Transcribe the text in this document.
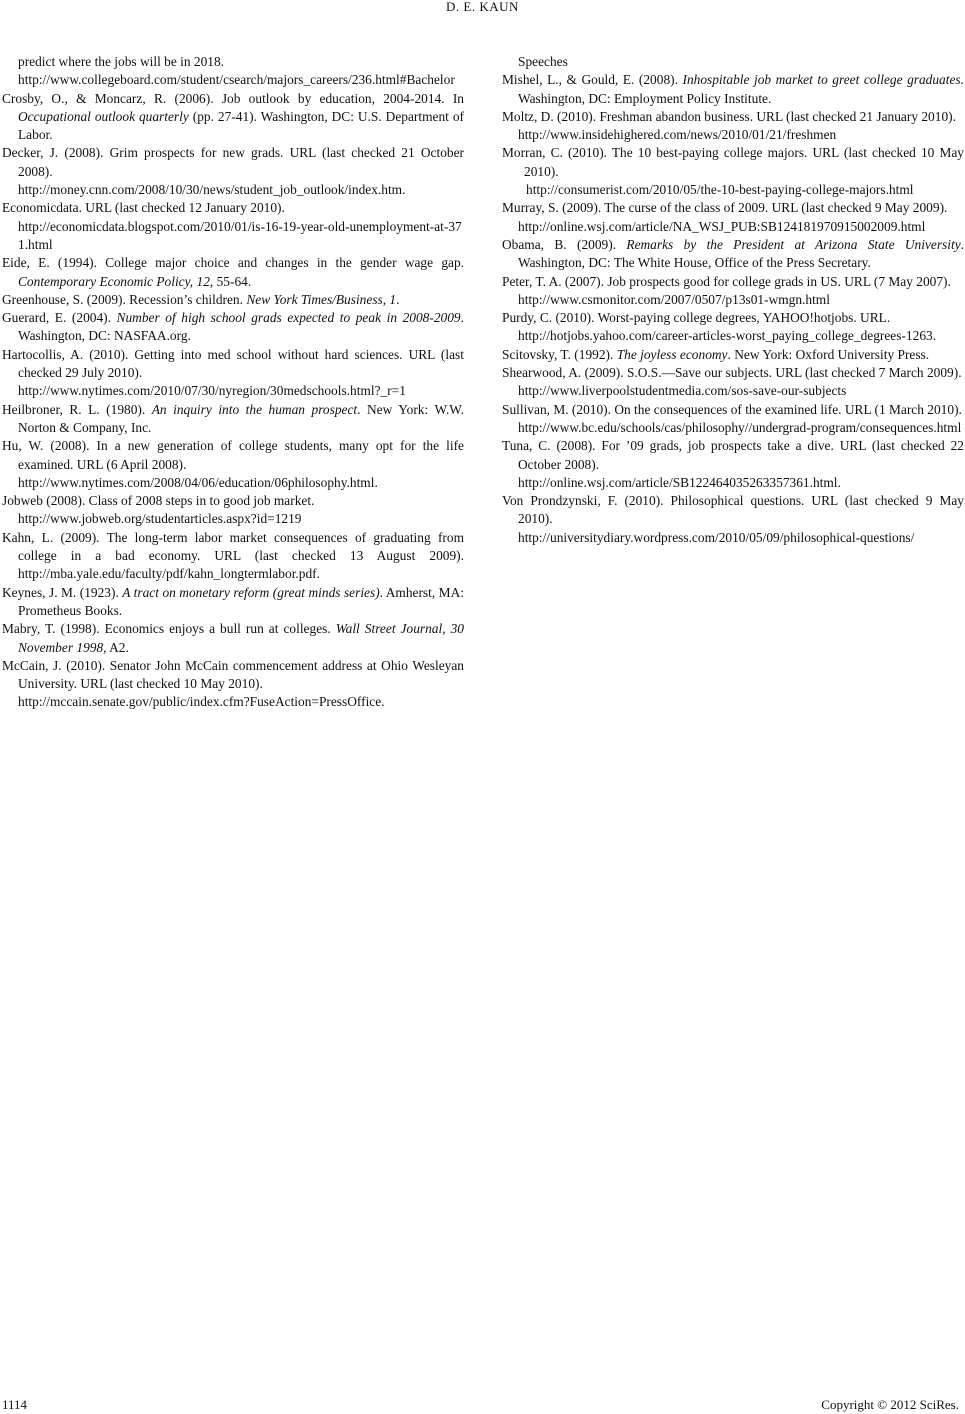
D. E. KAUN

predict where the jobs will be in 2018.

http://www.collegeboard.com/student/csearch/majors_careers/236.html#Bachelor

Crosby, O., & Moncarz, R. (2006). Job outlook by education, 2004-2014. In Occupational outlook quarterly (pp. 27-41). Washington, DC: U.S. Department of Labor.

Decker, J. (2008). Grim prospects for new grads. URL (last checked 21 October 2008).

http://money.cnn.com/2008/10/30/news/student_job_outlook/index.htm.

Economicdata. URL (last checked 12 January 2010).

http://economicdata.blogspot.com/2010/01/is-16-19-year-old-unemployment-at-371.html

Eide, E. (1994). College major choice and changes in the gender wage gap. Contemporary Economic Policy, 12, 55-64.

Greenhouse, S. (2009). Recession’s children. New York Times/Business, 1.

Guerard, E. (2004). Number of high school grads expected to peak in 2008-2009. Washington, DC: NASFAA.org.

Hartocollis, A. (2010). Getting into med school without hard sciences. URL (last checked 29 July 2010).

http://www.nytimes.com/2010/07/30/nyregion/30medschools.html?_r=1

Heilbroner, R. L. (1980). An inquiry into the human prospect. New York: W.W. Norton & Company, Inc.

Hu, W. (2008). In a new generation of college students, many opt for the life examined. URL (6 April 2008).

http://www.nytimes.com/2008/04/06/education/06philosophy.html.

Jobweb (2008). Class of 2008 steps in to good job market.

http://www.jobweb.org/studentarticles.aspx?id=1219

Kahn, L. (2009). The long-term labor market consequences of graduating from college in a bad economy. URL (last checked 13 August 2009). http://mba.yale.edu/faculty/pdf/kahn_longtermlabor.pdf.

Keynes, J. M. (1923). A tract on monetary reform (great minds series). Amherst, MA: Prometheus Books.

Mabry, T. (1998). Economics enjoys a bull run at colleges. Wall Street Journal, 30 November 1998, A2.

McCain, J. (2010). Senator John McCain commencement address at Ohio Wesleyan University. URL (last checked 10 May 2010).

http://mccain.senate.gov/public/index.cfm?FuseAction=PressOffice.

Speeches

Mishel, L., & Gould, E. (2008). Inhospitable job market to greet college graduates. Washington, DC: Employment Policy Institute.

Moltz, D. (2010). Freshman abandon business. URL (last checked 21 January 2010).

http://www.insidehighered.com/news/2010/01/21/freshmen

Morran, C. (2010). The 10 best-paying college majors. URL (last checked 10 May 2010).

http://consumerist.com/2010/05/the-10-best-paying-college-majors.html

Murray, S. (2009). The curse of the class of 2009. URL (last checked 9 May 2009).

http://online.wsj.com/article/NA_WSJ_PUB:SB124181970915002009.html

Obama, B. (2009). Remarks by the President at Arizona State University. Washington, DC: The White House, Office of the Press Secretary.

Peter, T. A. (2007). Job prospects good for college grads in US. URL (7 May 2007).

http://www.csmonitor.com/2007/0507/p13s01-wmgn.html

Purdy, C. (2010). Worst-paying college degrees, YAHOO!hotjobs. URL.

http://hotjobs.yahoo.com/career-articles-worst_paying_college_degrees-1263.

Scitovsky, T. (1992). The joyless economy. New York: Oxford University Press.

Shearwood, A. (2009). S.O.S.—Save our subjects. URL (last checked 7 March 2009).

http://www.liverpoolstudentmedia.com/sos-save-our-subjects

Sullivan, M. (2010). On the consequences of the examined life. URL (1 March 2010).

http://www.bc.edu/schools/cas/philosophy//undergrad-program/consequences.html

Tuna, C. (2008). For ’09 grads, job prospects take a dive. URL (last checked 22 October 2008).

http://online.wsj.com/article/SB122464035263357361.html.

Von Prondzynski, F. (2010). Philosophical questions. URL (last checked 9 May 2010).

http://universitydiary.wordpress.com/2010/05/09/philosophical-questions/

1114	Copyright © 2012 SciRes.
